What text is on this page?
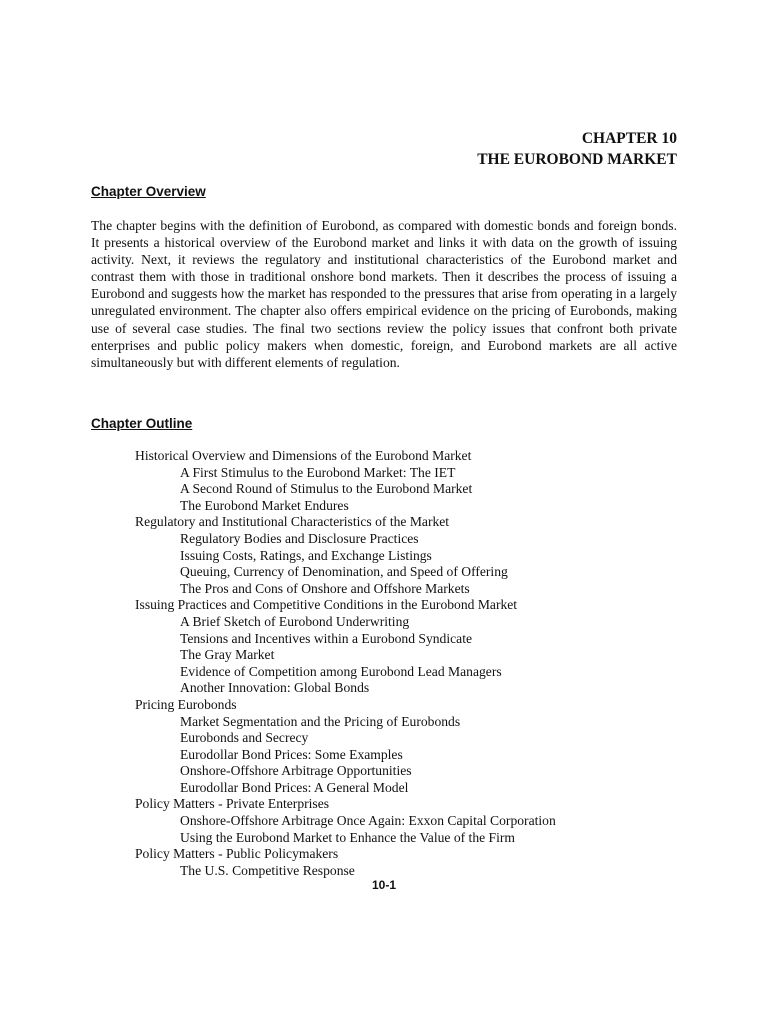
CHAPTER 10
THE EUROBOND MARKET
Chapter Overview
The chapter begins with the definition of Eurobond, as compared with domestic bonds and foreign bonds. It presents a historical overview of the Eurobond market and links it with data on the growth of issuing activity. Next, it reviews the regulatory and institutional characteristics of the Eurobond market and contrast them with those in traditional onshore bond markets. Then it describes the process of issuing a Eurobond and suggests how the market has responded to the pressures that arise from operating in a largely unregulated environment. The chapter also offers empirical evidence on the pricing of Eurobonds, making use of several case studies. The final two sections review the policy issues that confront both private enterprises and public policy makers when domestic, foreign, and Eurobond markets are all active simultaneously but with different elements of regulation.
Chapter Outline
Historical Overview and Dimensions of the Eurobond Market
A First Stimulus to the Eurobond Market: The IET
A Second Round of Stimulus to the Eurobond Market
The Eurobond Market Endures
Regulatory and Institutional Characteristics of the Market
Regulatory Bodies and Disclosure Practices
Issuing Costs, Ratings, and Exchange Listings
Queuing, Currency of Denomination, and Speed of Offering
The Pros and Cons of Onshore and Offshore Markets
Issuing Practices and Competitive Conditions in the Eurobond Market
A Brief Sketch of Eurobond Underwriting
Tensions and Incentives within a Eurobond Syndicate
The Gray Market
Evidence of Competition among Eurobond Lead Managers
Another Innovation: Global Bonds
Pricing Eurobonds
Market Segmentation and the Pricing of Eurobonds
Eurobonds and Secrecy
Eurodollar Bond Prices: Some Examples
Onshore-Offshore Arbitrage Opportunities
Eurodollar Bond Prices: A General Model
Policy Matters - Private Enterprises
Onshore-Offshore Arbitrage Once Again: Exxon Capital Corporation
Using the Eurobond Market to Enhance the Value of the Firm
Policy Matters - Public Policymakers
The U.S. Competitive Response
10-1
